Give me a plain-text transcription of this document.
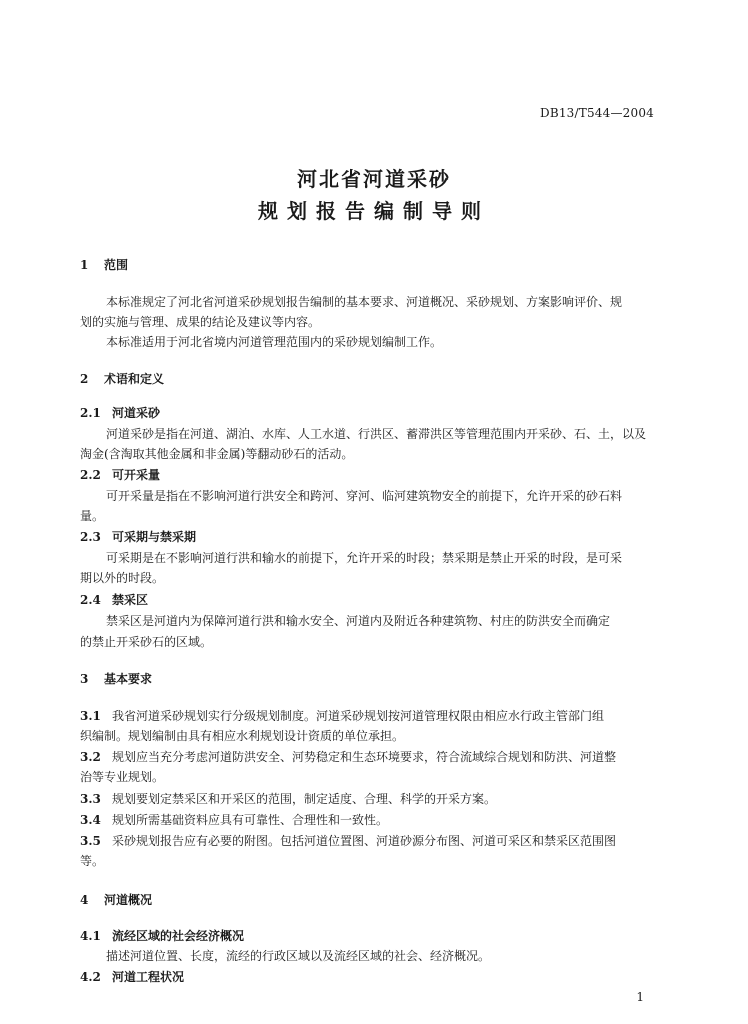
DB13/T544—2004
河北省河道采砂
规划报告编制导则
1 范围
本标准规定了河北省河道采砂规划报告编制的基本要求、河道概况、采砂规划、方案影响评价、规
划的实施与管理、成果的结论及建议等内容。
本标准适用于河北省境内河道管理范围内的采砂规划编制工作。
2 术语和定义
2.1 河道采砂
河道采砂是指在河道、湖泊、水库、人工水道、行洪区、蓄滞洪区等管理范围内开采砂、石、土，以及
淘金(含淘取其他金属和非金属)等翻动砂石的活动。
2.2 可开采量
可开采量是指在不影响河道行洪安全和跨河、穿河、临河建筑物安全的前提下，允许开采的砂石料
量。
2.3 可采期与禁采期
可采期是在不影响河道行洪和输水的前提下，允许开采的时段；禁采期是禁止开采的时段，是可采
期以外的时段。
2.4 禁采区
禁采区是河道内为保障河道行洪和输水安全、河道内及附近各种建筑物、村庄的防洪安全而确定
的禁止开采砂石的区域。
3 基本要求
3.1 我省河道采砂规划实行分级规划制度。河道采砂规划按河道管理权限由相应水行政主管部门组
织编制。规划编制由具有相应水利规划设计资质的单位承担。
3.2 规划应当充分考虑河道防洪安全、河势稳定和生态环境要求，符合流域综合规划和防洪、河道整
治等专业规划。
3.3 规划要划定禁采区和开采区的范围，制定适度、合理、科学的开采方案。
3.4 规划所需基础资料应具有可靠性、合理性和一致性。
3.5 采砂规划报告应有必要的附图。包括河道位置图、河道砂源分布图、河道可采区和禁采区范围图
等。
4 河道概况
4.1 流经区域的社会经济概况
描述河道位置、长度，流经的行政区域以及流经区域的社会、经济概况。
4.2 河道工程状况
1
